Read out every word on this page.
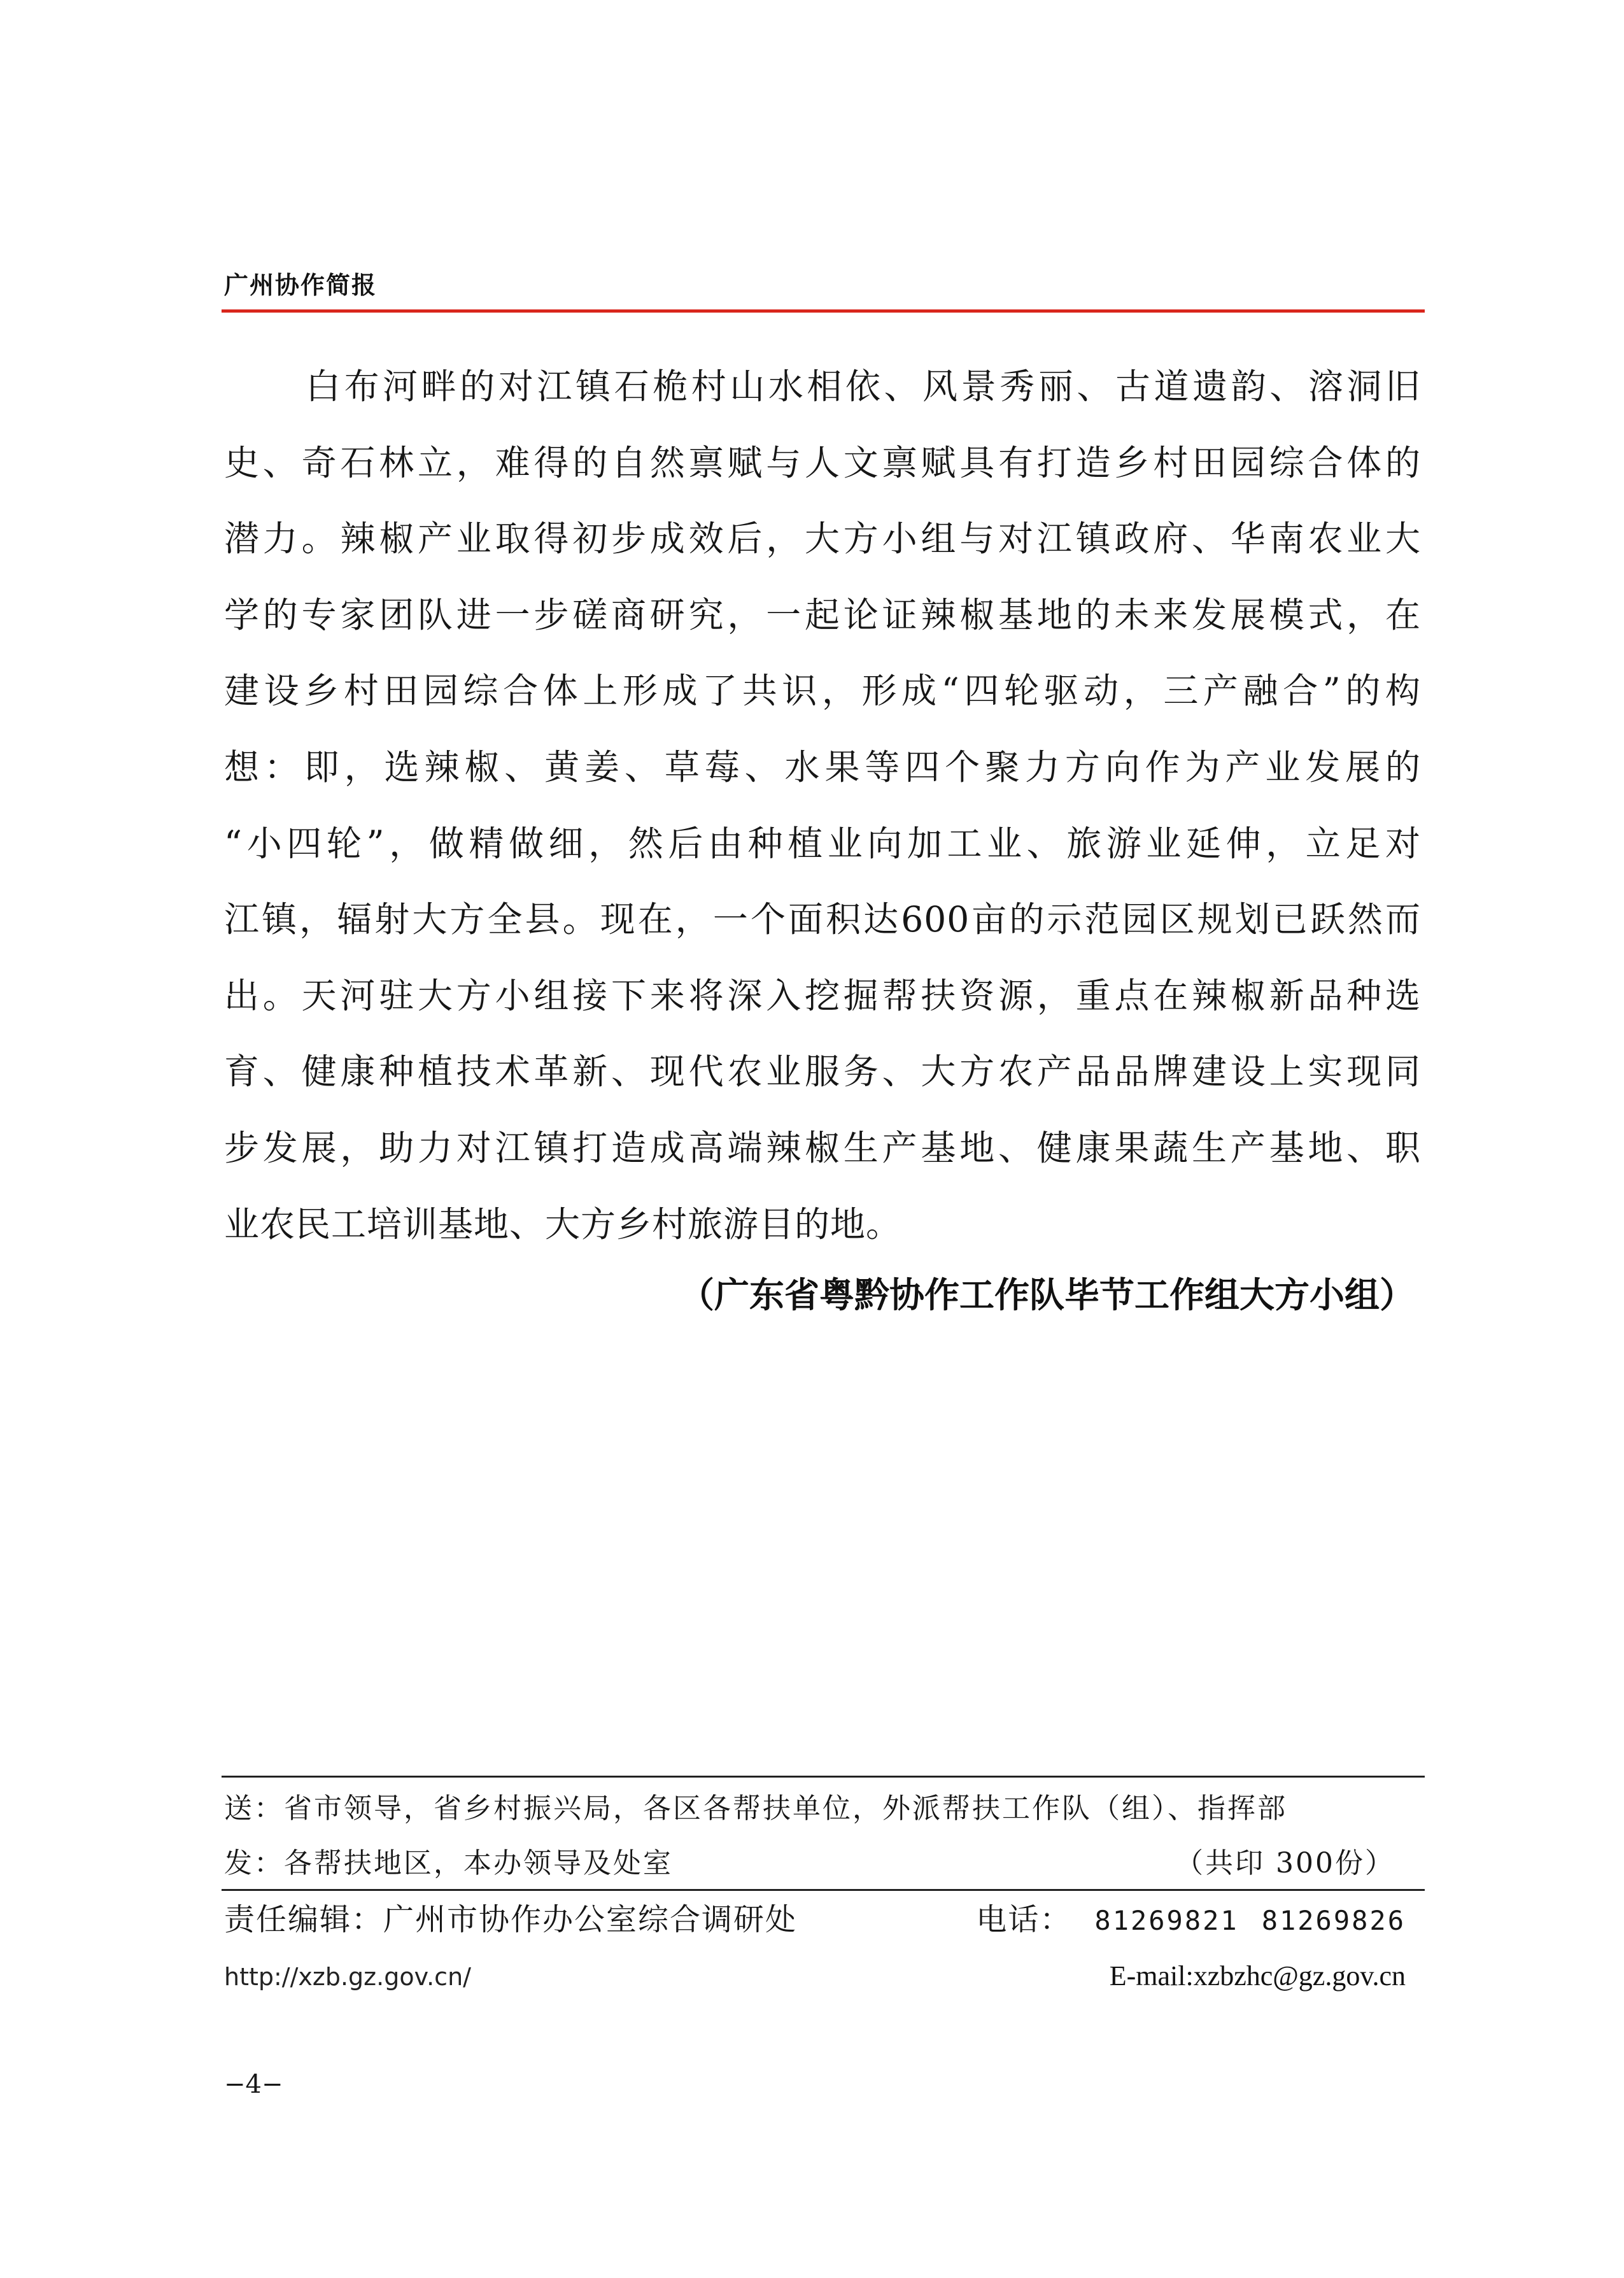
广州协作简报
白布河畔的对江镇石桅村山水相依、风景秀丽、古道遗韵、溶洞旧
史、奇石林立，难得的自然禀赋与人文禀赋具有打造乡村田园综合体的
潜力。辣椒产业取得初步成效后，大方小组与对江镇政府、华南农业大
学的专家团队进一步磋商研究，一起论证辣椒基地的未来发展模式，在
建设乡村田园综合体上形成了共识，形成“四轮驱动，三产融合”的构
想：即，选辣椒、黄姜、草莓、水果等四个聚力方向作为产业发展的
“小四轮”，做精做细，然后由种植业向加工业、旅游业延伸，立足对
江镇，辐射大方全县。现在，一个面积达600亩的示范园区规划已跃然而
出。天河驻大方小组接下来将深入挖掘帮扶资源，重点在辣椒新品种选
育、健康种植技术革新、现代农业服务、大方农产品品牌建设上实现同
步发展，助力对江镇打造成高端辣椒生产基地、健康果蔬生产基地、职
业农民工培训基地、大方乡村旅游目的地。
（广东省粤黔协作工作队毕节工作组大方小组）
送：省市领导，省乡村振兴局，各区各帮扶单位，外派帮扶工作队（组）、指挥部
发：各帮扶地区，本办领导及处室	（共印 300份）
责任编辑：广州市协作办公室综合调研处	电话： 81269821 81269826
http://xzb.gz.gov.cn/	E-mail:xzbzhc@gz.gov.cn
−4−
